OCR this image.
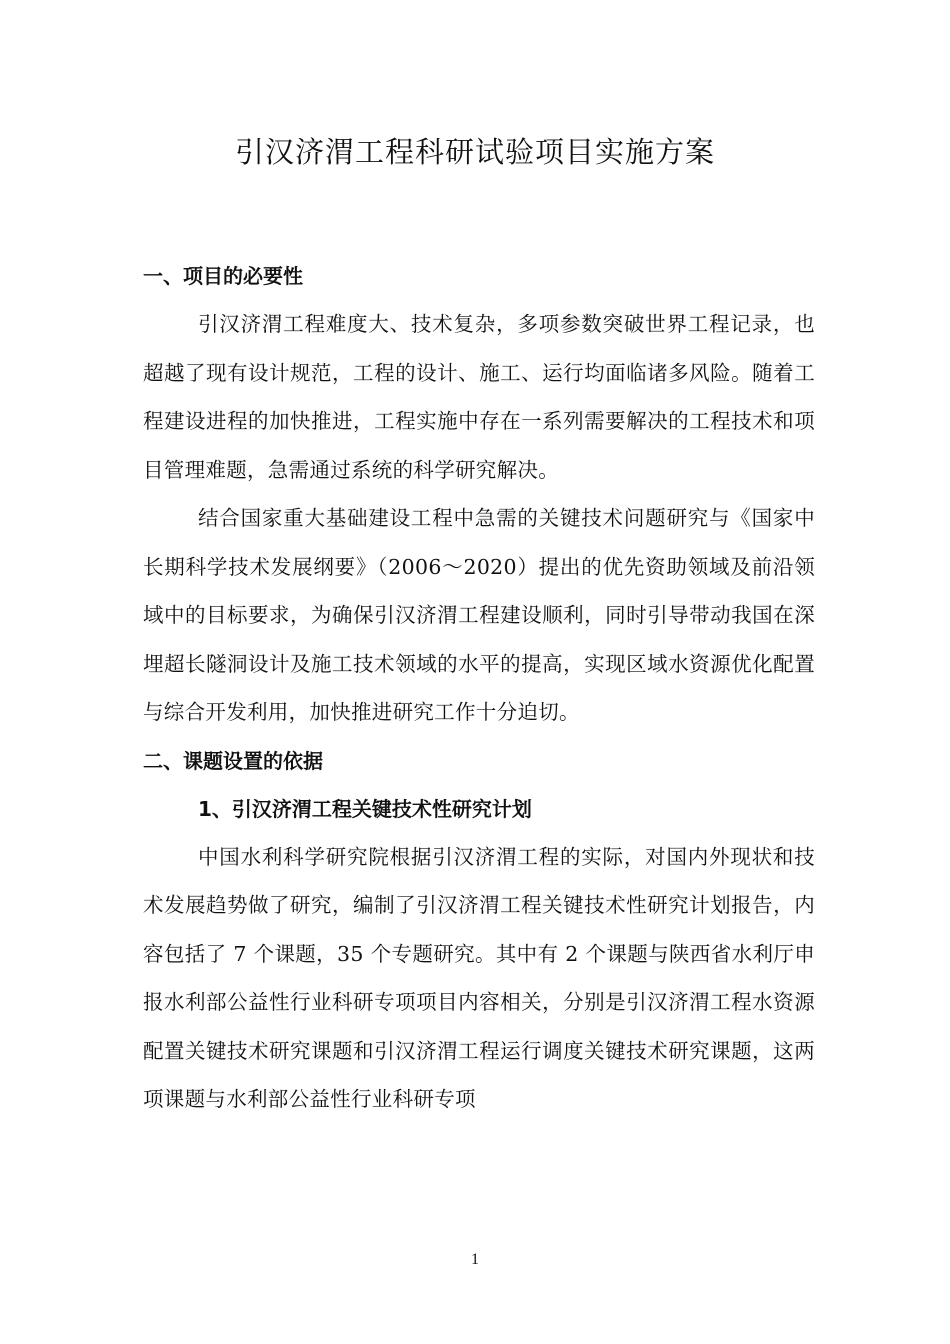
引汉济渭工程科研试验项目实施方案

一、项目的必要性

引汉济渭工程难度大、技术复杂，多项参数突破世界工程记录，也超越了现有设计规范，工程的设计、施工、运行均面临诸多风险。随着工程建设进程的加快推进，工程实施中存在一系列需要解决的工程技术和项目管理难题，急需通过系统的科学研究解决。

结合国家重大基础建设工程中急需的关键技术问题研究与《国家中长期科学技术发展纲要》（2006～2020）提出的优先资助领域及前沿领域中的目标要求，为确保引汉济渭工程建设顺利，同时引导带动我国在深埋超长隧洞设计及施工技术领域的水平的提高，实现区域水资源优化配置与综合开发利用，加快推进研究工作十分迫切。

二、课题设置的依据

1、引汉济渭工程关键技术性研究计划

中国水利科学研究院根据引汉济渭工程的实际，对国内外现状和技术发展趋势做了研究，编制了引汉济渭工程关键技术性研究计划报告，内容包括了 7 个课题，35 个专题研究。其中有 2 个课题与陕西省水利厅申报水利部公益性行业科研专项项目内容相关，分别是引汉济渭工程水资源配置关键技术研究课题和引汉济渭工程运行调度关键技术研究课题，这两项课题与水利部公益性行业科研专项

1
